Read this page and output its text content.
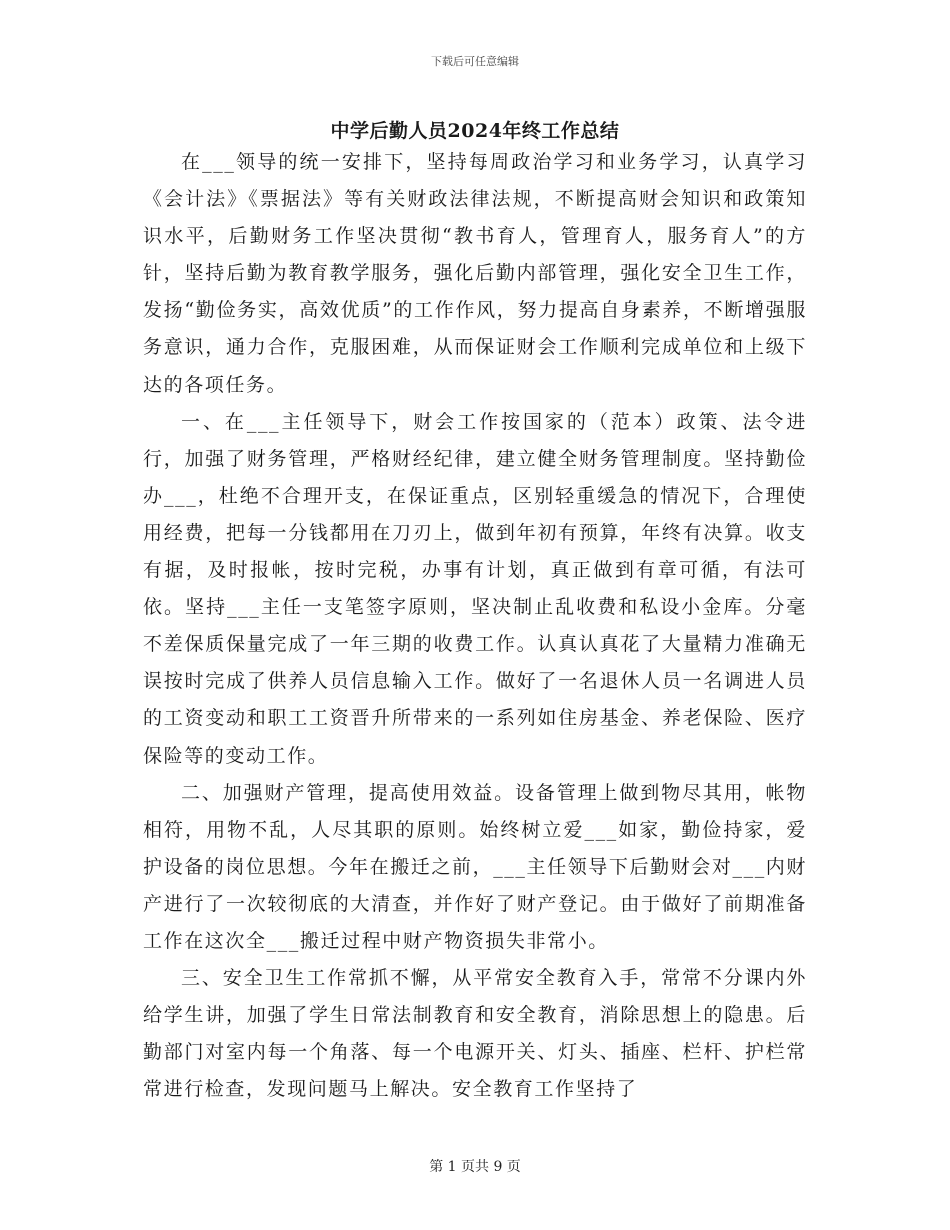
下载后可任意编辑
中学后勤人员2024年终工作总结

在___领导的统一安排下，坚持每周政治学习和业务学习，认真学习《会计法》《票据法》等有关财政法律法规，不断提高财会知识和政策知识水平，后勤财务工作坚决贯彻“教书育人，管理育人，服务育人”的方针，坚持后勤为教育教学服务，强化后勤内部管理，强化安全卫生工作，发扬“勤俭务实，高效优质”的工作作风，努力提高自身素养，不断增强服务意识，通力合作，克服困难，从而保证财会工作顺利完成单位和上级下达的各项任务。

一、在___主任领导下，财会工作按国家的（范本）政策、法令进行，加强了财务管理，严格财经纪律，建立健全财务管理制度。坚持勤俭办___，杜绝不合理开支，在保证重点，区别轻重缓急的情况下，合理使用经费，把每一分钱都用在刀刃上，做到年初有预算，年终有决算。收支有据，及时报帐，按时完税，办事有计划，真正做到有章可循，有法可依。坚持___主任一支笔签字原则，坚决制止乱收费和私设小金库。分毫不差保质保量完成了一年三期的收费工作。认真认真花了大量精力准确无误按时完成了供养人员信息输入工作。做好了一名退休人员一名调进人员的工资变动和职工工资晋升所带来的一系列如住房基金、养老保险、医疗保险等的变动工作。

二、加强财产管理，提高使用效益。设备管理上做到物尽其用，帐物相符，用物不乱，人尽其职的原则。始终树立爱___如家，勤俭持家，爱护设备的岗位思想。今年在搬迁之前，___主任领导下后勤财会对___内财产进行了一次较彻底的大清查，并作好了财产登记。由于做好了前期准备工作在这次全___搬迁过程中财产物资损失非常小。

三、安全卫生工作常抓不懈，从平常安全教育入手，常常不分课内外给学生讲，加强了学生日常法制教育和安全教育，消除思想上的隐患。后勤部门对室内每一个角落、每一个电源开关、灯头、插座、栏杆、护栏常常进行检查，发现问题马上解决。安全教育工作坚持了

第 1 页共 9 页
